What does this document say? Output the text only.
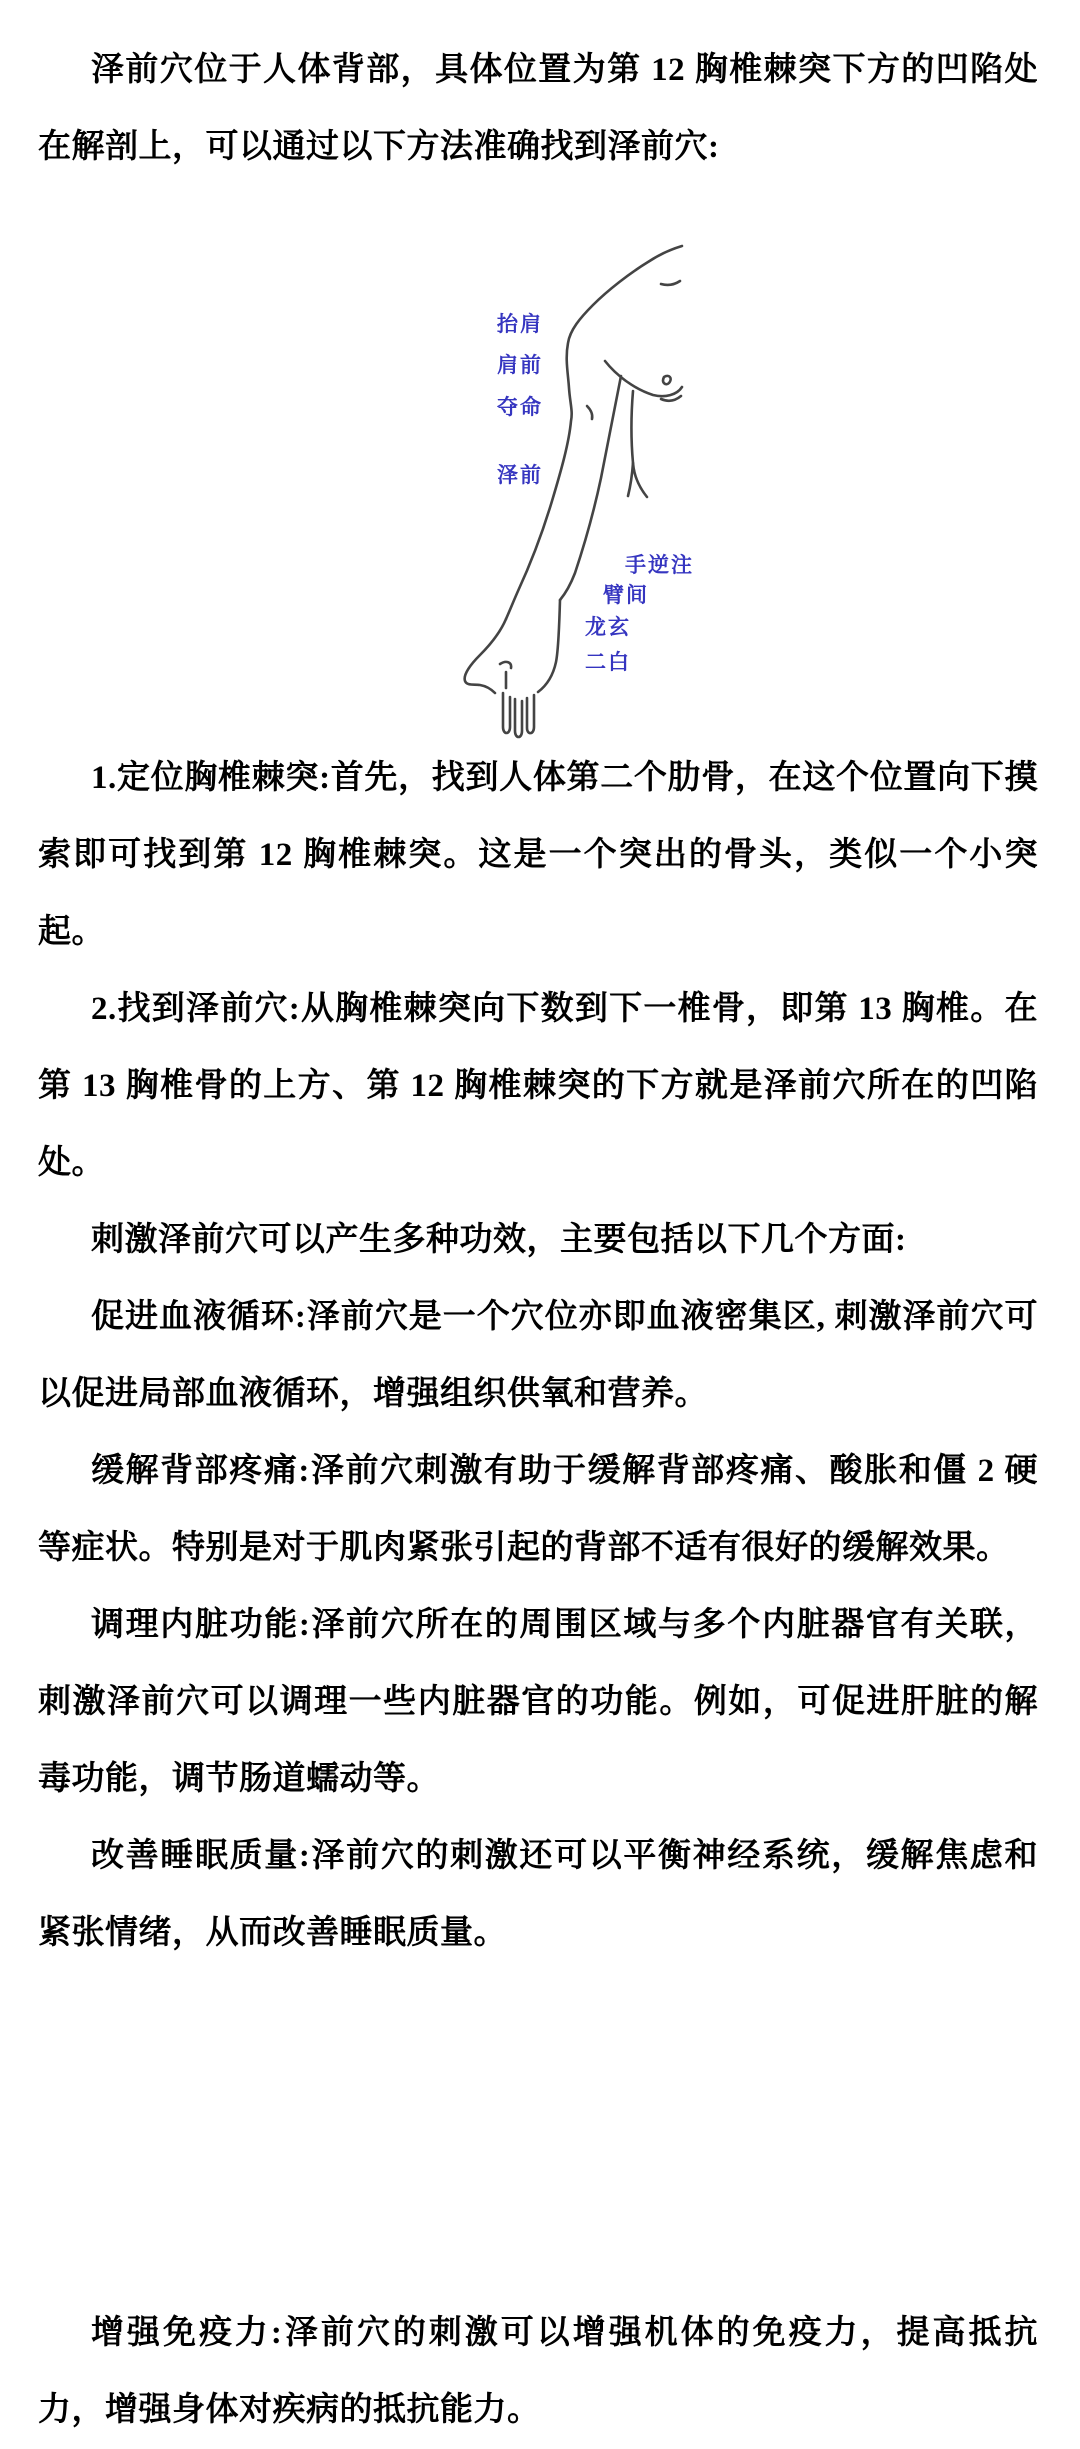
泽前穴位于人体背部，具体位置为第 12 胸椎棘突下方的凹陷处在解剖上，可以通过以下方法准确找到泽前穴:

抬肩
肩前
夺命
泽前
手逆注
臂间
龙玄
二白

1.定位胸椎棘突:首先，找到人体第二个肋骨，在这个位置向下摸索即可找到第 12 胸椎棘突。这是一个突出的骨头，类似一个小突起。

2.找到泽前穴:从胸椎棘突向下数到下一椎骨，即第 13 胸椎。在第 13 胸椎骨的上方、第 12 胸椎棘突的下方就是泽前穴所在的凹陷处。

刺激泽前穴可以产生多种功效，主要包括以下几个方面:

促进血液循环:泽前穴是一个穴位亦即血液密集区, 刺激泽前穴可以促进局部血液循环，增强组织供氧和营养。

缓解背部疼痛:泽前穴刺激有助于缓解背部疼痛、酸胀和僵 2 硬等症状。特别是对于肌肉紧张引起的背部不适有很好的缓解效果。

调理内脏功能:泽前穴所在的周围区域与多个内脏器官有关联，刺激泽前穴可以调理一些内脏器官的功能。例如，可促进肝脏的解毒功能，调节肠道蠕动等。

改善睡眠质量:泽前穴的刺激还可以平衡神经系统，缓解焦虑和紧张情绪，从而改善睡眠质量。

增强免疫力:泽前穴的刺激可以增强机体的免疫力，提高抵抗力，增强身体对疾病的抵抗能力。
